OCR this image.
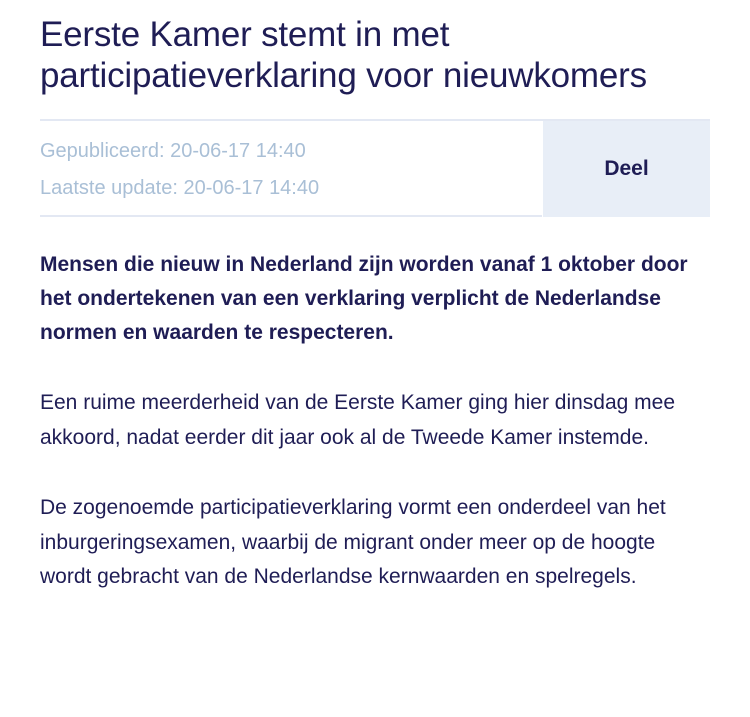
Eerste Kamer stemt in met participatieverklaring voor nieuwkomers
Gepubliceerd: 20-06-17 14:40
Laatste update: 20-06-17 14:40
Deel

Mensen die nieuw in Nederland zijn worden vanaf 1 oktober door het ondertekenen van een verklaring verplicht de Nederlandse normen en waarden te respecteren.

Een ruime meerderheid van de Eerste Kamer ging hier dinsdag mee akkoord, nadat eerder dit jaar ook al de Tweede Kamer instemde.

De zogenoemde participatieverklaring vormt een onderdeel van het inburgeringsexamen, waarbij de migrant onder meer op de hoogte wordt gebracht van de Nederlandse kernwaarden en spelregels.
